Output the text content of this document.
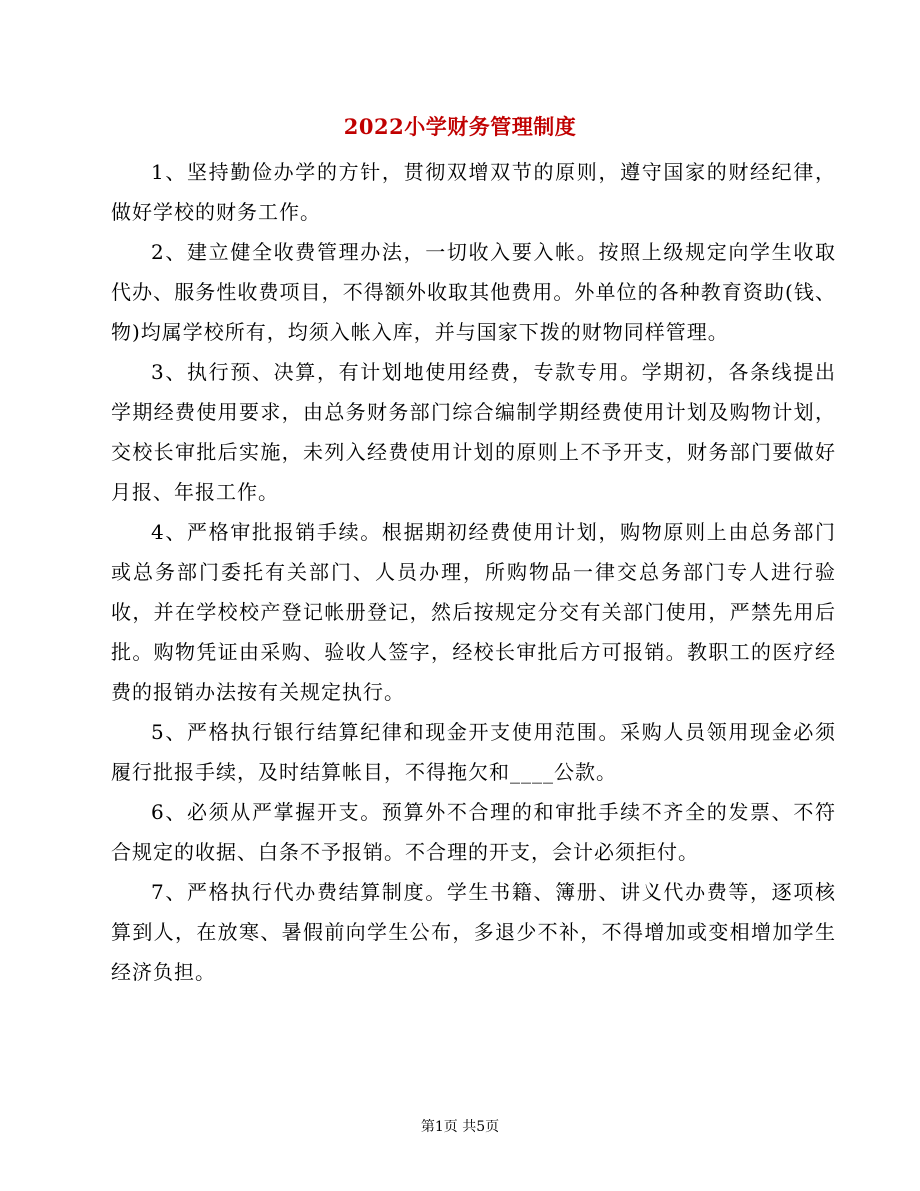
2022小学财务管理制度

1、坚持勤俭办学的方针，贯彻双增双节的原则，遵守国家的财经纪律，做好学校的财务工作。

2、建立健全收费管理办法，一切收入要入帐。按照上级规定向学生收取代办、服务性收费项目，不得额外收取其他费用。外单位的各种教育资助(钱、物)均属学校所有，均须入帐入库，并与国家下拨的财物同样管理。

3、执行预、决算，有计划地使用经费，专款专用。学期初，各条线提出学期经费使用要求，由总务财务部门综合编制学期经费使用计划及购物计划，交校长审批后实施，未列入经费使用计划的原则上不予开支，财务部门要做好月报、年报工作。

4、严格审批报销手续。根据期初经费使用计划，购物原则上由总务部门或总务部门委托有关部门、人员办理，所购物品一律交总务部门专人进行验收，并在学校校产登记帐册登记，然后按规定分交有关部门使用，严禁先用后批。购物凭证由采购、验收人签字，经校长审批后方可报销。教职工的医疗经费的报销办法按有关规定执行。

5、严格执行银行结算纪律和现金开支使用范围。采购人员领用现金必须履行批报手续，及时结算帐目，不得拖欠和____公款。

6、必须从严掌握开支。预算外不合理的和审批手续不齐全的发票、不符合规定的收据、白条不予报销。不合理的开支，会计必须拒付。

7、严格执行代办费结算制度。学生书籍、簿册、讲义代办费等，逐项核算到人，在放寒、暑假前向学生公布，多退少不补，不得增加或变相增加学生经济负担。

第1页 共5页
